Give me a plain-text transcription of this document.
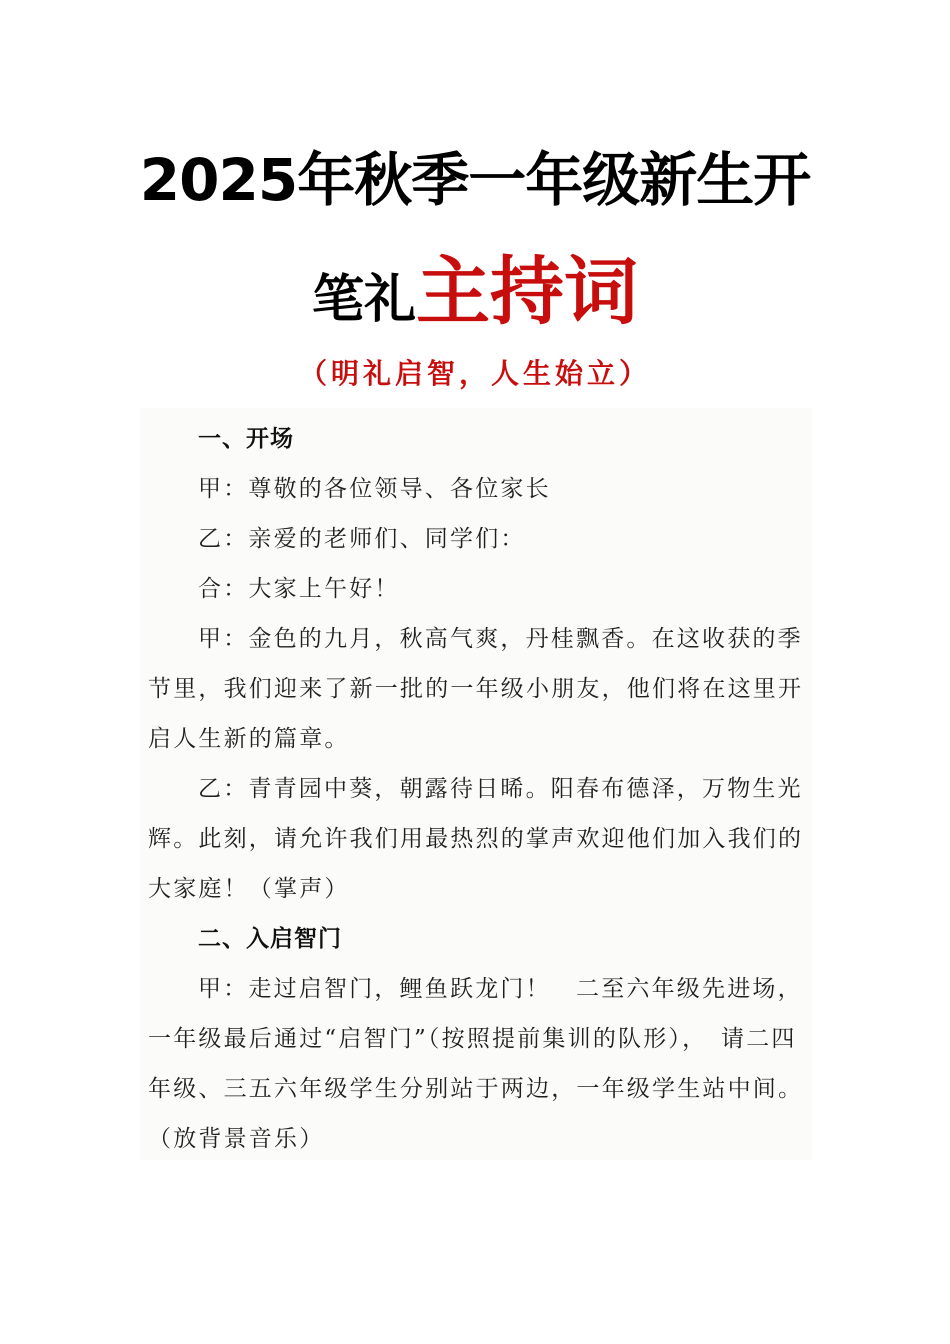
2025年秋季一年级新生开
笔礼主持词
（明礼启智，人生始立）
一、开场

甲：尊敬的各位领导、各位家长

乙：亲爱的老师们、同学们：

合：大家上午好！

甲：金色的九月，秋高气爽，丹桂飘香。在这收获的季节里，我们迎来了新一批的一年级小朋友，他们将在这里开启人生新的篇章。

乙：青青园中葵，朝露待日晞。阳春布德泽，万物生光辉。此刻，请允许我们用最热烈的掌声欢迎他们加入我们的大家庭！（掌声）

二、入启智门

甲：走过启智门，鲤鱼跃龙门！　二至六年级先进场，一年级最后通过“启智门”（按照提前集训的队形），　请二四年级、三五六年级学生分别站于两边，一年级学生站中间。（放背景音乐）
